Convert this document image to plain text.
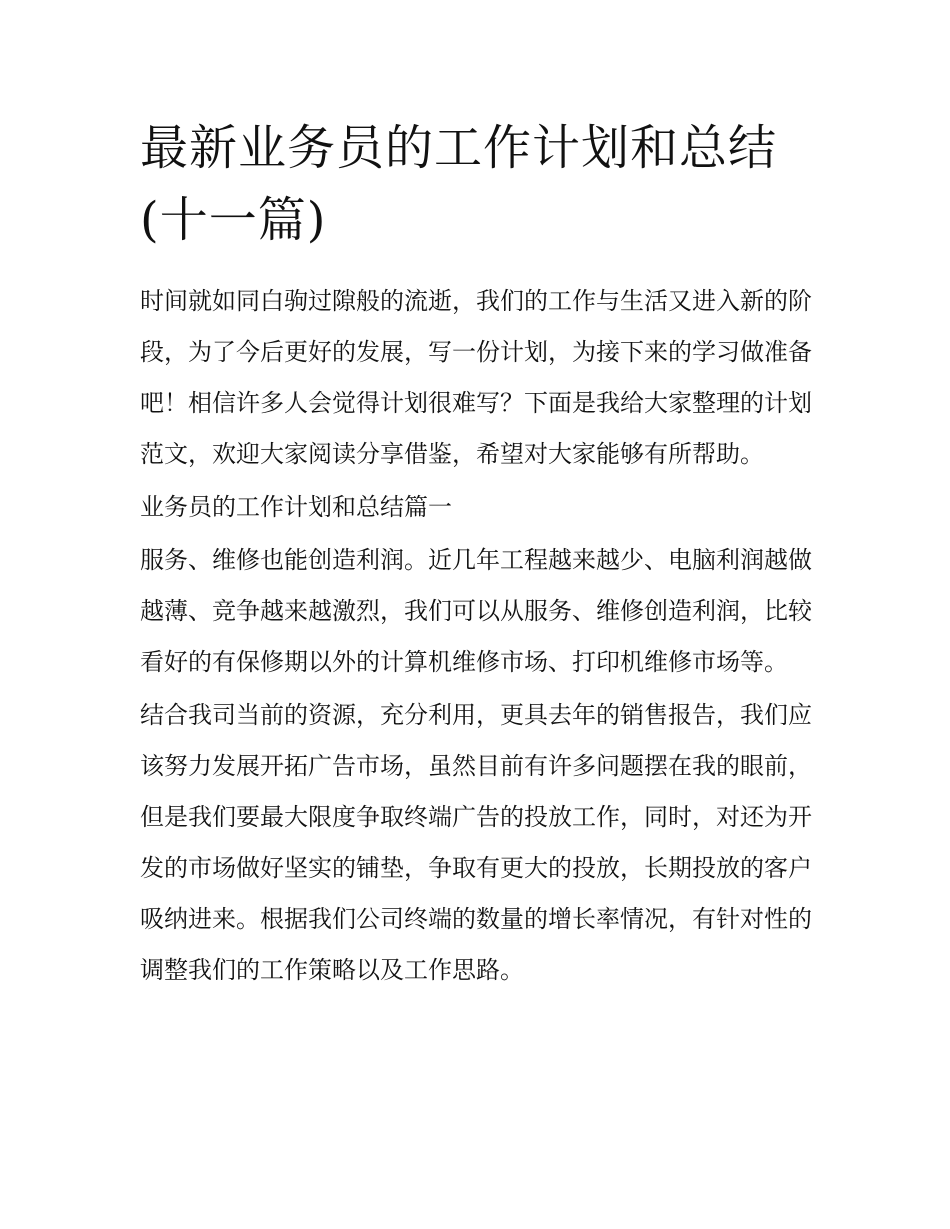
最新业务员的工作计划和总结(十一篇)

时间就如同白驹过隙般的流逝，我们的工作与生活又进入新的阶段，为了今后更好的发展，写一份计划，为接下来的学习做准备吧！相信许多人会觉得计划很难写？下面是我给大家整理的计划范文，欢迎大家阅读分享借鉴，希望对大家能够有所帮助。

业务员的工作计划和总结篇一

服务、维修也能创造利润。近几年工程越来越少、电脑利润越做越薄、竞争越来越激烈，我们可以从服务、维修创造利润，比较看好的有保修期以外的计算机维修市场、打印机维修市场等。

结合我司当前的资源，充分利用，更具去年的销售报告，我们应该努力发展开拓广告市场，虽然目前有许多问题摆在我的眼前，但是我们要最大限度争取终端广告的投放工作，同时，对还为开发的市场做好坚实的铺垫，争取有更大的投放，长期投放的客户吸纳进来。根据我们公司终端的数量的增长率情况，有针对性的调整我们的工作策略以及工作思路。
